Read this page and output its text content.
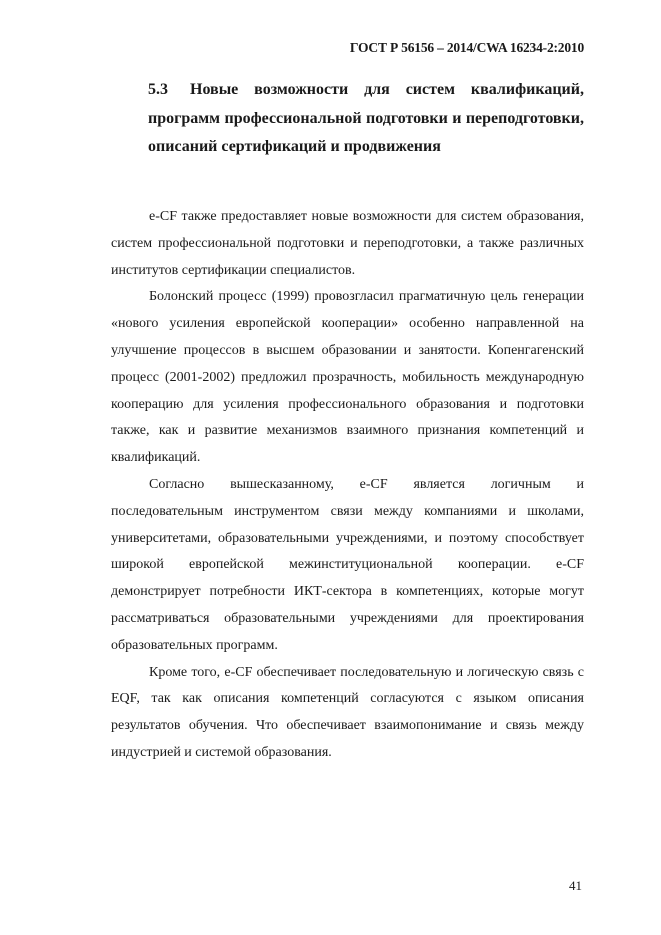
ГОСТ Р 56156 – 2014/CWA 16234-2:2010
5.3 Новые возможности для систем квалификаций, программ профессиональной подготовки и переподготовки, описаний сертификаций и продвижения

e-CF также предоставляет новые возможности для систем образования, систем профессиональной подготовки и переподготовки, а также различных институтов сертификации специалистов.

Болонский процесс (1999) провозгласил прагматичную цель генерации «нового усиления европейской кооперации» особенно направленной на улучшение процессов в высшем образовании и занятости. Копенгагенский процесс (2001-2002) предложил прозрачность, мобильность международную кооперацию для усиления профессионального образования и подготовки также, как и развитие механизмов взаимного признания компетенций и квалификаций.

Согласно вышесказанному, e-CF является логичным и последовательным инструментом связи между компаниями и школами, университетами, образовательными учреждениями, и поэтому способствует широкой европейской межинституциональной кооперации. e-CF демонстрирует потребности ИКТ-сектора в компетенциях, которые могут рассматриваться образовательными учреждениями для проектирования образовательных программ.

Кроме того, e-CF обеспечивает последовательную и логическую связь с EQF, так как описания компетенций согласуются с языком описания результатов обучения. Что обеспечивает взаимопонимание и связь между индустрией и системой образования.

41
